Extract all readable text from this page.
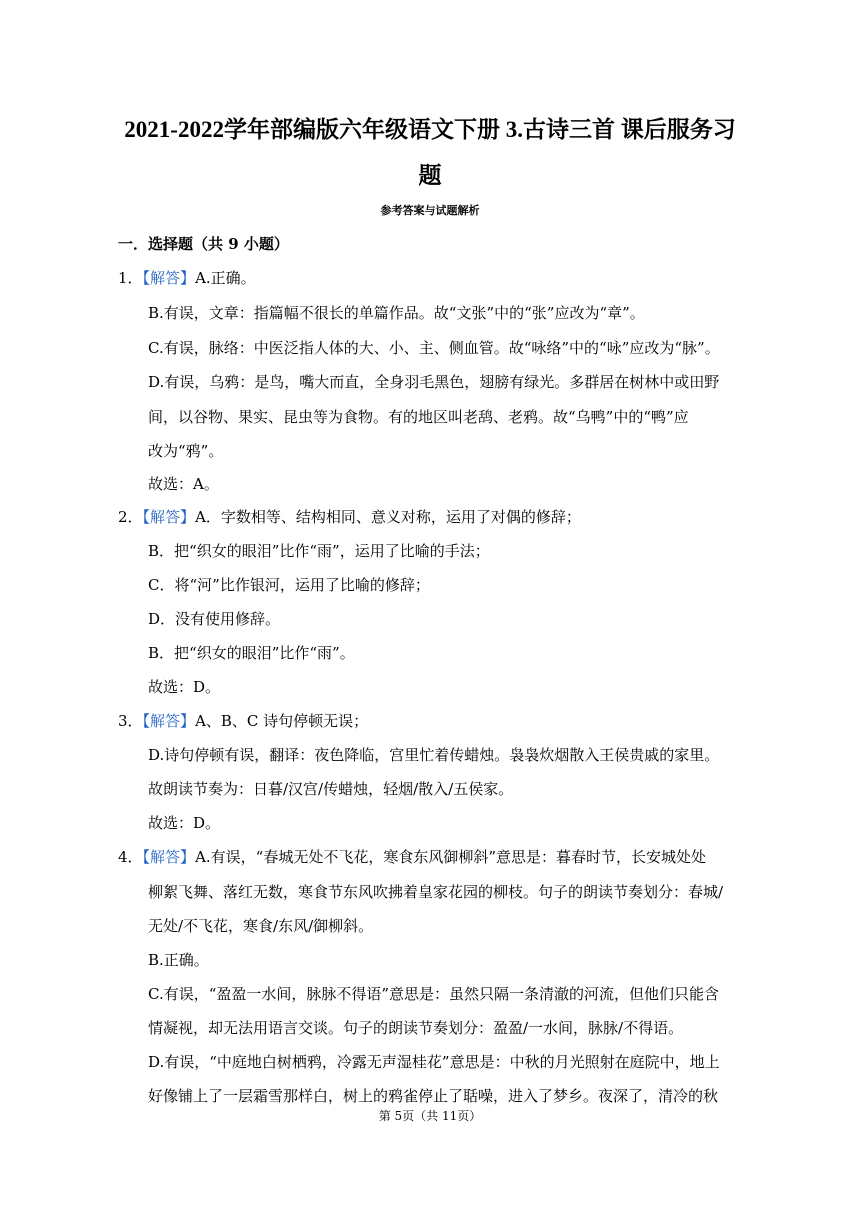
2021-2022学年部编版六年级语文下册 3.古诗三首 课后服务习
题
参考答案与试题解析
一．选择题（共 9 小题）
1．【解答】A.正确。
B.有误，文章：指篇幅不很长的单篇作品。故“文张”中的“张”应改为“章”。
C.有误，脉络：中医泛指人体的大、小、主、侧血管。故“咏络”中的“咏”应改为“脉”。
D.有误，乌鸦：是鸟，嘴大而直，全身羽毛黑色，翅膀有绿光。多群居在树林中或田野
间，以谷物、果实、昆虫等为食物。有的地区叫老鸹、老鸦。故“乌鸭”中的“鸭”应
改为“鸦”。
故选：A。
2．【解答】A．字数相等、结构相同、意义对称，运用了对偶的修辞；
B．把“织女的眼泪”比作“雨”，运用了比喻的手法；
C．将“河”比作银河，运用了比喻的修辞；
D．没有使用修辞。
B．把“织女的眼泪”比作“雨”。
故选：D。
3．【解答】A、B、C 诗句停顿无误；
D.诗句停顿有误，翻译：夜色降临，宫里忙着传蜡烛。袅袅炊烟散入王侯贵戚的家里。
故朗读节奏为：日暮/汉宫/传蜡烛，轻烟/散入/五侯家。
故选：D。
4．【解答】A.有误，“春城无处不飞花，寒食东风御柳斜”意思是：暮春时节，长安城处处
柳絮飞舞、落红无数，寒食节东风吹拂着皇家花园的柳枝。句子的朗读节奏划分：春城/
无处/不飞花，寒食/东风/御柳斜。
B.正确。
C.有误，“盈盈一水间，脉脉不得语”意思是：虽然只隔一条清澈的河流，但他们只能含
情凝视，却无法用语言交谈。句子的朗读节奏划分：盈盈/一水间，脉脉/不得语。
D.有误，“中庭地白树栖鸦，冷露无声湿桂花”意思是：中秋的月光照射在庭院中，地上
好像铺上了一层霜雪那样白，树上的鸦雀停止了聒噪，进入了梦乡。夜深了，清冷的秋
第 5页（共 11页）
